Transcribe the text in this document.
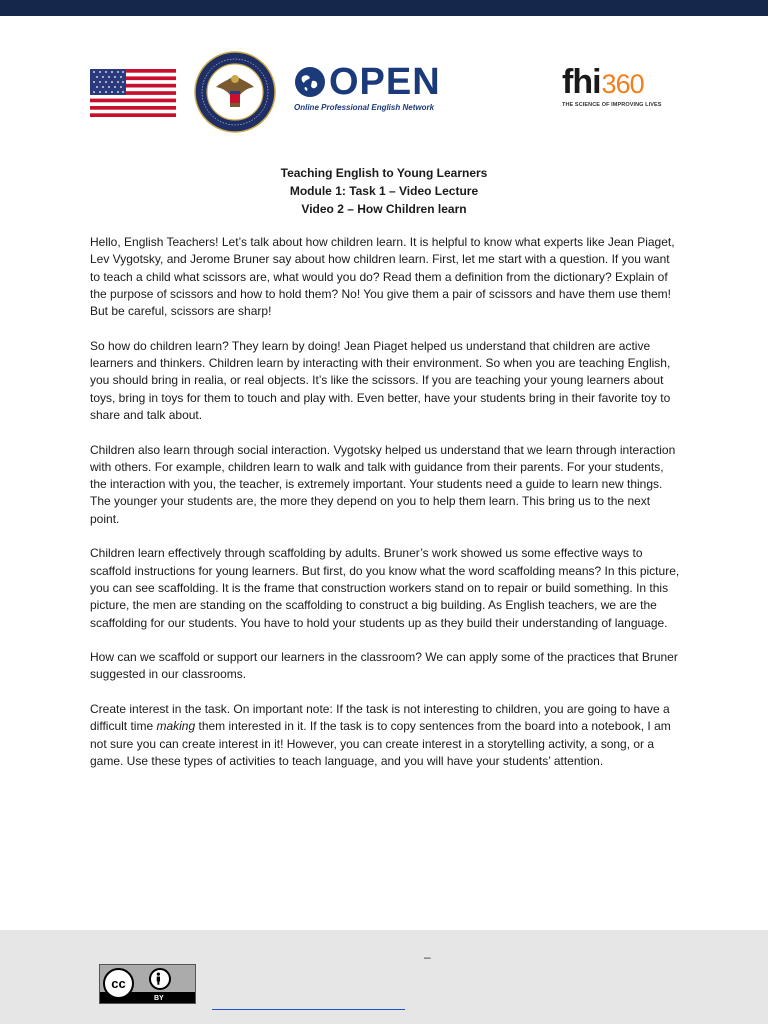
OPEN
Online Professional English Network
fhi 360
THE SCIENCE OF IMPROVING LIVES
Teaching English to Young Learners
Module 1: Task 1 – Video Lecture
Video 2 – How Children learn

Hello, English Teachers! Let’s talk about how children learn. It is helpful to know what experts like Jean Piaget, Lev Vygotsky, and Jerome Bruner say about how children learn. First, let me start with a question. If you want to teach a child what scissors are, what would you do? Read them a definition from the dictionary? Explain of the purpose of scissors and how to hold them? No! You give them a pair of scissors and have them use them! But be careful, scissors are sharp!

So how do children learn? They learn by doing! Jean Piaget helped us understand that children are active learners and thinkers. Children learn by interacting with their environment. So when you are teaching English, you should bring in realia, or real objects. It’s like the scissors. If you are teaching your young learners about toys, bring in toys for them to touch and play with. Even better, have your students bring in their favorite toy to share and talk about.

Children also learn through social interaction. Vygotsky helped us understand that we learn through interaction with others. For example, children learn to walk and talk with guidance from their parents. For your students, the interaction with you, the teacher, is extremely important. Your students need a guide to learn new things. The younger your students are, the more they depend on you to help them learn. This bring us to the next point.

Children learn effectively through scaffolding by adults. Bruner’s work showed us some effective ways to scaffold instructions for young learners. But first, do you know what the word scaffolding means? In this picture, you can see scaffolding. It is the frame that construction workers stand on to repair or build something. In this picture, the men are standing on the scaffolding to construct a big building. As English teachers, we are the scaffolding for our students. You have to hold your students up as they build their understanding of language.

How can we scaffold or support our learners in the classroom? We can apply some of the practices that Bruner suggested in our classrooms.

Create interest in the task. On important note: If the task is not interesting to children, you are going to have a difficult time making them interested in it. If the task is to copy sentences from the board into a notebook, I am not sure you can create interest in it! However, you can create interest in a storytelling activity, a song, or a game. Use these types of activities to teach language, and you will have your students’ attention.

–
cc
BY
